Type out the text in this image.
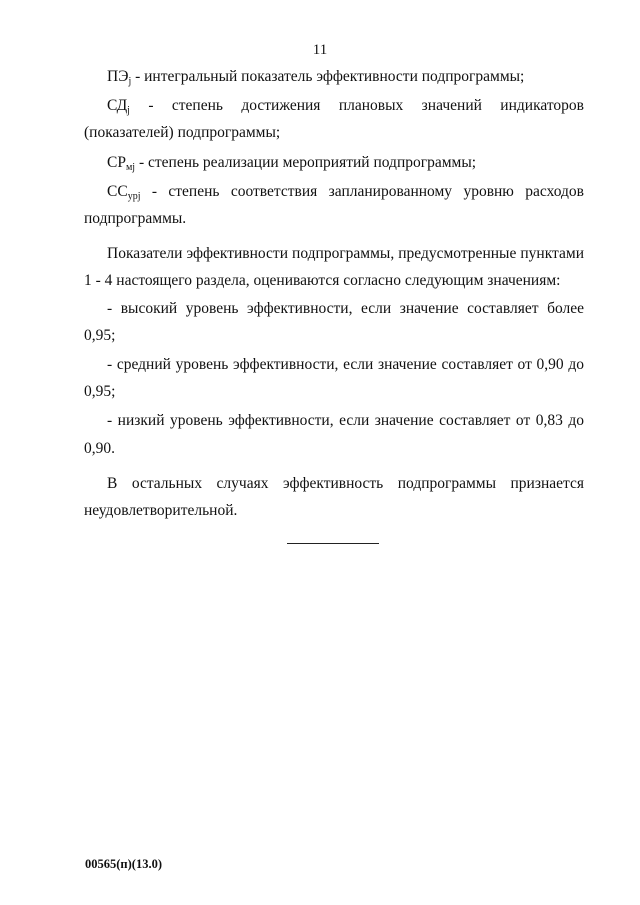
11

$ПЭ_j$ - интегральный показатель эффективности подпрограммы;

$СД_j$ - степень достижения плановых значений индикаторов (показателей) подпрограммы;

$СР_{мj}$ - степень реализации мероприятий подпрограммы;

$СС_{урj}$ - степень соответствия запланированному уровню расходов подпрограммы.

Показатели эффективности подпрограммы, предусмотренные пунктами 1 - 4 настоящего раздела, оцениваются согласно следующим значениям:

- высокий уровень эффективности, если значение составляет более 0,95;

- средний уровень эффективности, если значение составляет от 0,90 до 0,95;

- низкий уровень эффективности, если значение составляет от 0,83 до 0,90.

В остальных случаях эффективность подпрограммы признается неудовлетворительной.

00565(п)(13.0)
